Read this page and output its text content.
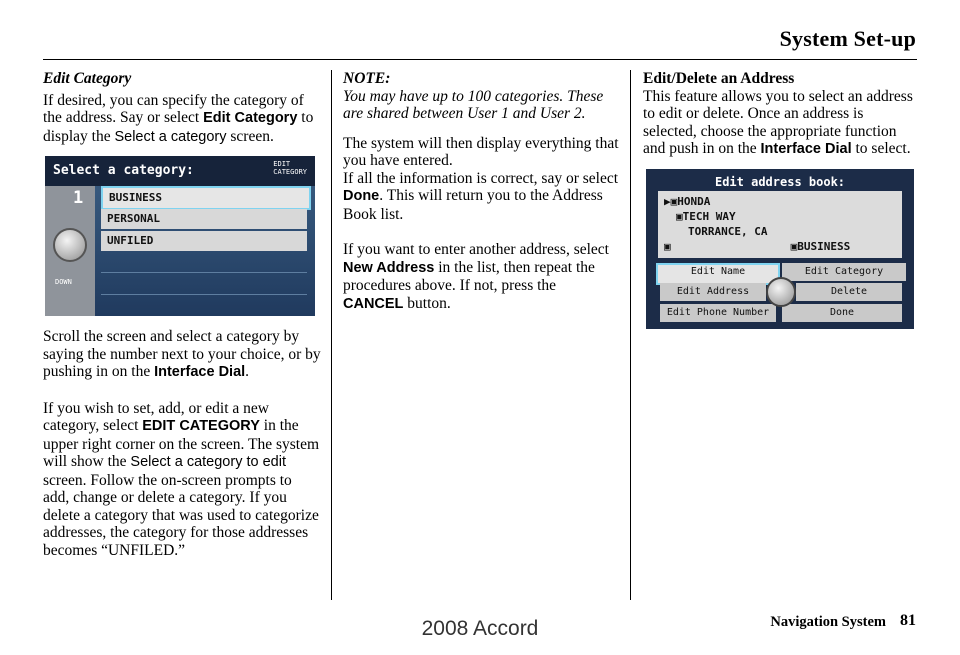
System Set-up

Edit Category

If desired, you can specify the category of the address. Say or select Edit Category to display the Select a category screen.

Select a category:	EDIT
CATEGORY
1
DOWN
BUSINESS
PERSONAL
UNFILED

Scroll the screen and select a category by saying the number next to your choice, or by pushing in on the Interface Dial.

If you wish to set, add, or edit a new category, select EDIT CATEGORY in the upper right corner on the screen. The system will show the Select a category to edit screen. Follow the on-screen prompts to add, change or delete a category. If you delete a category that was used to categorize addresses, the category for those addresses becomes “UNFILED.”

NOTE:

You may have up to 100 categories. These are shared between User 1 and User 2.

The system will then display everything that you have entered.

If all the information is correct, say or select Done. This will return you to the Address Book list.

If you want to enter another address, select New Address in the list, then repeat the procedures above. If not, press the CANCEL button.

Edit/Delete an Address

This feature allows you to select an address to edit or delete. Once an address is selected, choose the appropriate function and push in on the Interface Dial to select.

Edit address book:
▶▣HONDA
▣TECH WAY
TORRANCE, CA
▣	▣BUSINESS
Edit Name	Edit Category
Edit Address	Delete
Edit Phone Number	Done
Navigation System 81
2008 Accord
